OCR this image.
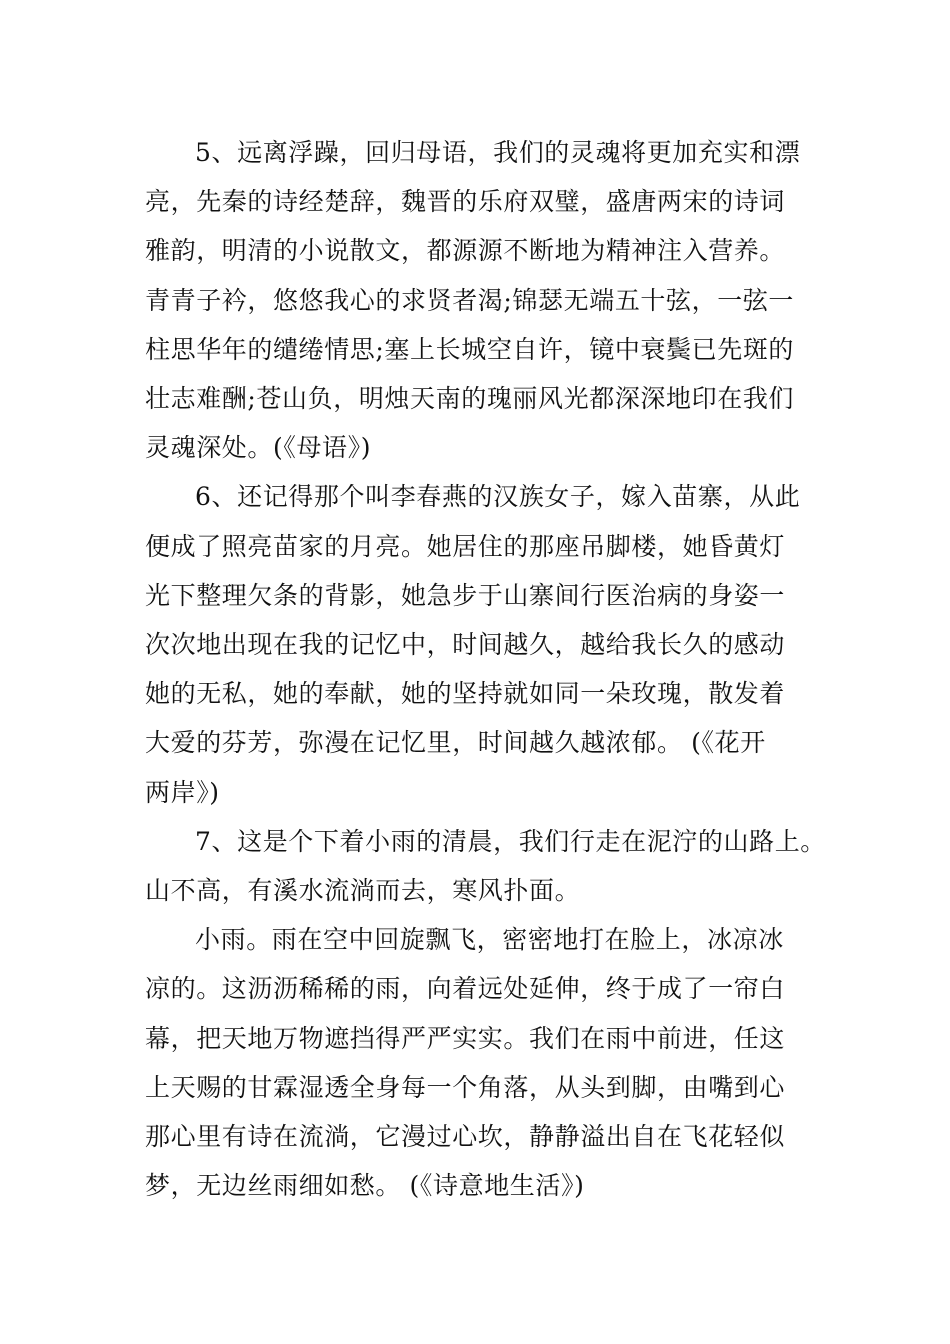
5、远离浮躁，回归母语，我们的灵魂将更加充实和漂
亮，先秦的诗经楚辞，魏晋的乐府双璧，盛唐两宋的诗词
雅韵，明清的小说散文，都源源不断地为精神注入营养。
青青子衿，悠悠我心的求贤者渴;锦瑟无端五十弦，一弦一
柱思华年的缱绻情思;塞上长城空自许，镜中衰鬓已先斑的
壮志难酬;苍山负，明烛天南的瑰丽风光都深深地印在我们
灵魂深处。(《母语》)

6、还记得那个叫李春燕的汉族女子，嫁入苗寨，从此
便成了照亮苗家的月亮。她居住的那座吊脚楼，她昏黄灯
光下整理欠条的背影，她急步于山寨间行医治病的身姿一
次次地出现在我的记忆中，时间越久，越给我长久的感动
她的无私，她的奉献，她的坚持就如同一朵玫瑰，散发着
大爱的芬芳，弥漫在记忆里，时间越久越浓郁。 (《花开
两岸》)

7、这是个下着小雨的清晨，我们行走在泥泞的山路上。
山不高，有溪水流淌而去，寒风扑面。

小雨。雨在空中回旋飘飞，密密地打在脸上，冰凉冰
凉的。这沥沥稀稀的雨，向着远处延伸，终于成了一帘白
幕，把天地万物遮挡得严严实实。我们在雨中前进，任这
上天赐的甘霖湿透全身每一个角落，从头到脚，由嘴到心
那心里有诗在流淌，它漫过心坎，静静溢出自在飞花轻似
梦，无边丝雨细如愁。 (《诗意地生活》)
